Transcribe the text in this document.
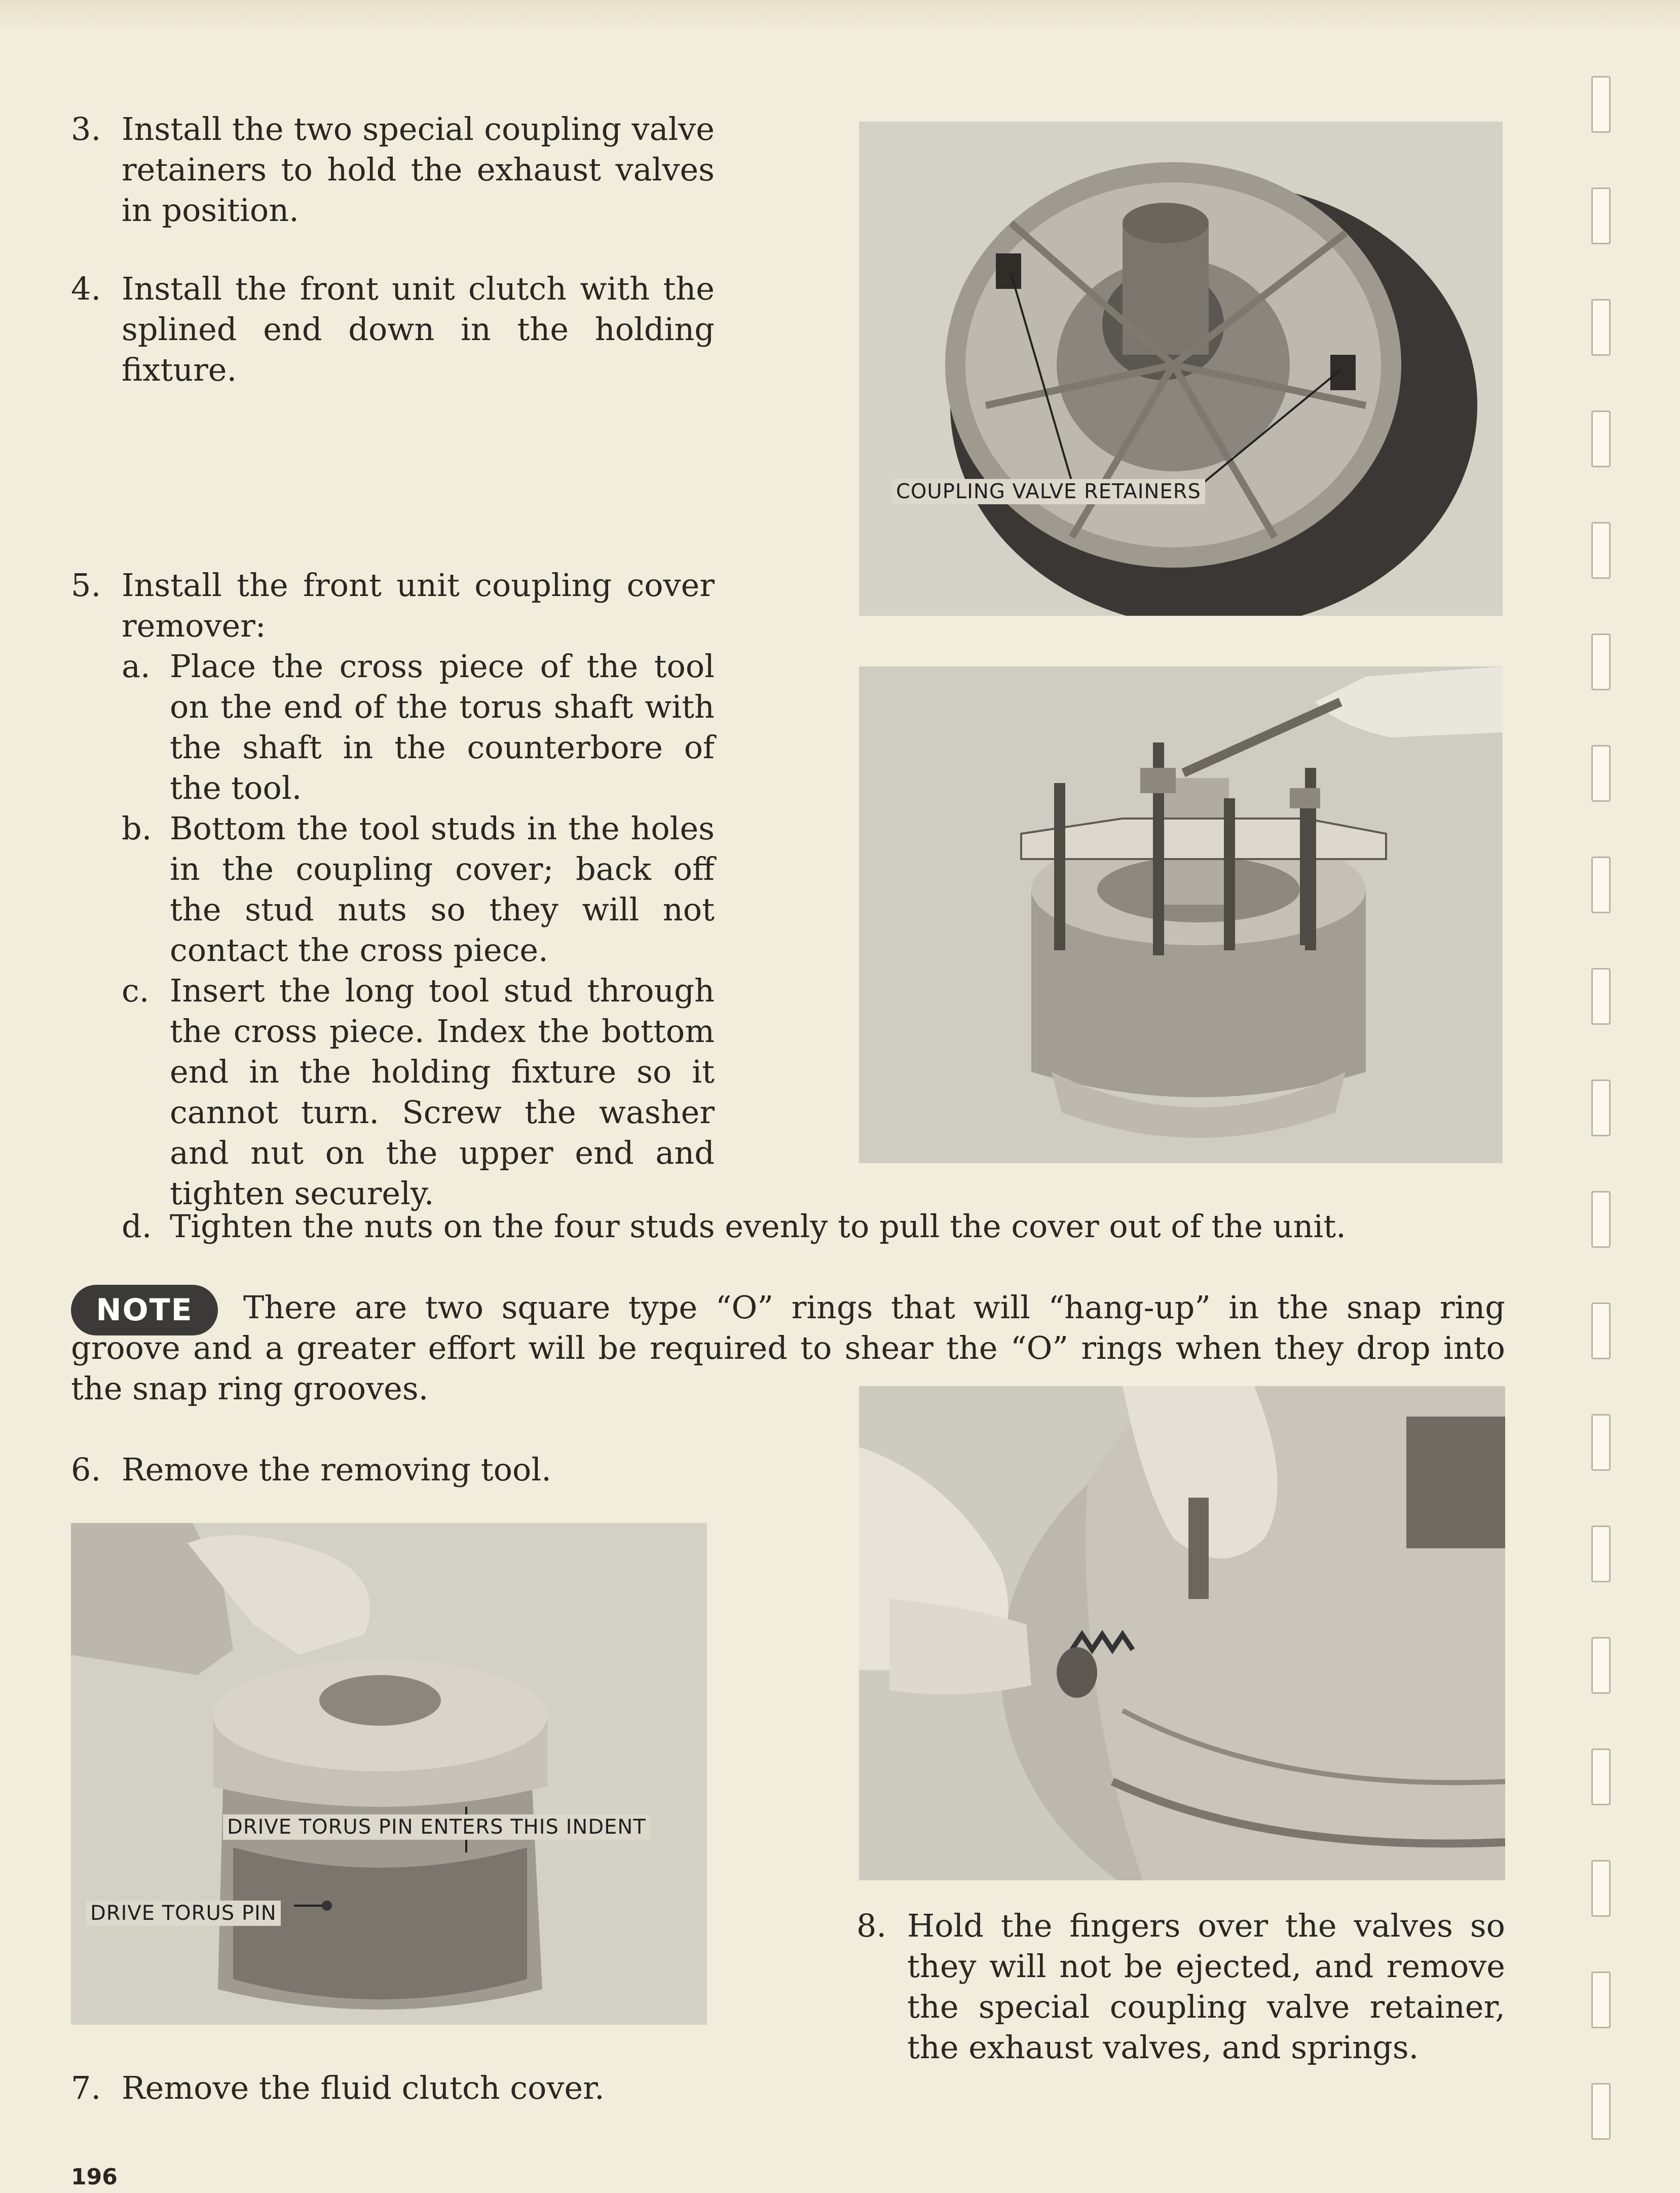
3. Install the two special coupling valve retainers to hold the exhaust valves in position.
4. Install the front unit clutch with the splined end down in the holding fixture.
5. Install the front unit coupling cover remover:
a. Place the cross piece of the tool on the end of the torus shaft with the shaft in the counterbore of the tool.
b. Bottom the tool studs in the holes in the coupling cover; back off the stud nuts so they will not contact the cross piece.
c. Insert the long tool stud through the cross piece. Index the bottom end in the holding fixture so it cannot turn. Screw the washer and nut on the upper end and tighten securely.
d. Tighten the nuts on the four studs evenly to pull the cover out of the unit.
NOTE	There are two square type “O” rings that will “hang-up” in the snap ring groove and a greater effort will be required to shear the “O” rings when they drop into the snap ring grooves.
6. Remove the removing tool.
7. Remove the fluid clutch cover.
8. Hold the fingers over the valves so they will not be ejected, and remove the special coupling valve retainer, the exhaust valves, and springs.
COUPLING VALVE RETAINERS
DRIVE TORUS PIN ENTERS THIS INDENT
DRIVE TORUS PIN
196
